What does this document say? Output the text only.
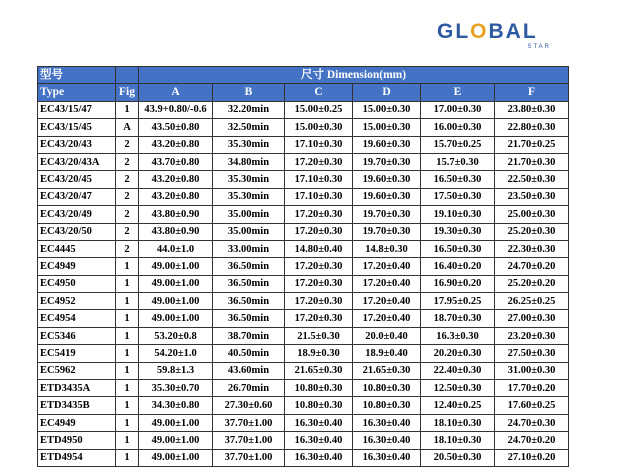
GLOBAL
STAR
型号		尺寸 Dimension(mm)					
Type	Fig	A	B	C	D	E	F
EC43/15/47	1	43.9+0.80/-0.6	32.20min	15.00±0.25	15.00±0.30	17.00±0.30	23.80±0.30
EC43/15/45	A	43.50±0.80	32.50min	15.00±0.30	15.00±0.30	16.00±0.30	22.80±0.30
EC43/20/43	2	43.20±0.80	35.30min	17.10±0.30	19.60±0.30	15.70±0.25	21.70±0.25
EC43/20/43A	2	43.70±0.80	34.80min	17.20±0.30	19.70±0.30	15.7±0.30	21.70±0.30
EC43/20/45	2	43.20±0.80	35.30min	17.10±0.30	19.60±0.30	16.50±0.30	22.50±0.30
EC43/20/47	2	43.20±0.80	35.30min	17.10±0.30	19.60±0.30	17.50±0.30	23.50±0.30
EC43/20/49	2	43.80±0.90	35.00min	17.20±0.30	19.70±0.30	19.10±0.30	25.00±0.30
EC43/20/50	2	43.80±0.90	35.00min	17.20±0.30	19.70±0.30	19.30±0.30	25.20±0.30
EC4445	2	44.0±1.0	33.00min	14.80±0.40	14.8±0.30	16.50±0.30	22.30±0.30
EC4949	1	49.00±1.00	36.50min	17.20±0.30	17.20±0.40	16.40±0.20	24.70±0.20
EC4950	1	49.00±1.00	36.50min	17.20±0.30	17.20±0.40	16.90±0.20	25.20±0.20
EC4952	1	49.00±1.00	36.50min	17.20±0.30	17.20±0.40	17.95±0.25	26.25±0.25
EC4954	1	49.00±1.00	36.50min	17.20±0.30	17.20±0.40	18.70±0.30	27.00±0.30
EC5346	1	53.20±0.8	38.70min	21.5±0.30	20.0±0.40	16.3±0.30	23.20±0.30
EC5419	1	54.20±1.0	40.50min	18.9±0.30	18.9±0.40	20.20±0.30	27.50±0.30
EC5962	1	59.8±1.3	43.60min	21.65±0.30	21.65±0.30	22.40±0.30	31.00±0.30
ETD3435A	1	35.30±0.70	26.70min	10.80±0.30	10.80±0.30	12.50±0.30	17.70±0.20
ETD3435B	1	34.30±0.80	27.30±0.60	10.80±0.30	10.80±0.30	12.40±0.25	17.60±0.25
EC4949	1	49.00±1.00	37.70±1.00	16.30±0.40	16.30±0.40	18.10±0.30	24.70±0.30
ETD4950	1	49.00±1.00	37.70±1.00	16.30±0.40	16.30±0.40	18.10±0.30	24.70±0.20
ETD4954	1	49.00±1.00	37.70±1.00	16.30±0.40	16.30±0.40	20.50±0.30	27.10±0.20
